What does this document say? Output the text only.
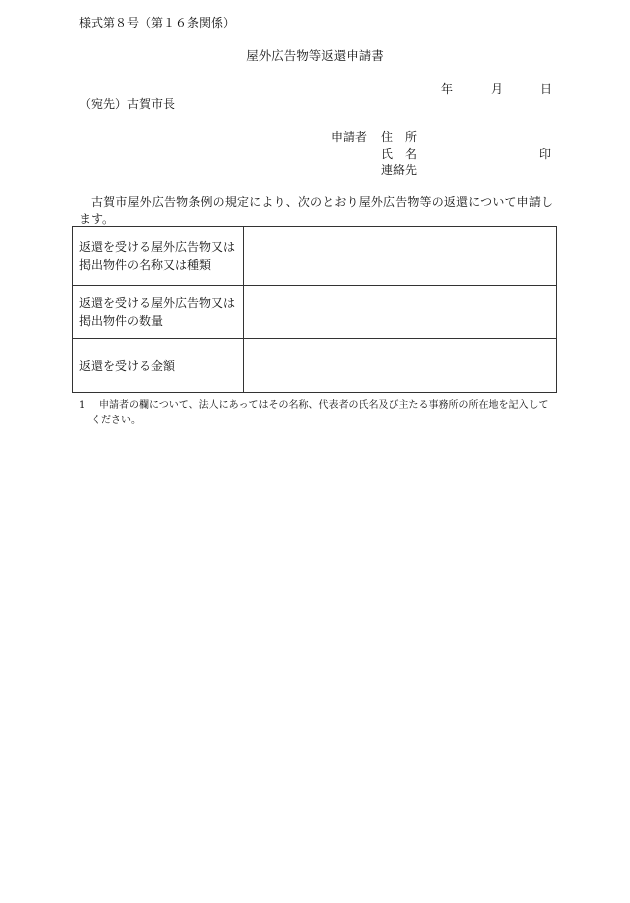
様式第８号（第１６条関係）
屋外広告物等返還申請書
年	月	日
（宛先）古賀市長
申請者 住　所
氏　名	印
連絡先
古賀市屋外広告物条例の規定により、次のとおり屋外広告物等の返還について申請します。
返還を受ける屋外広告物又は掲出物件の名称又は種類	
返還を受ける屋外広告物又は掲出物件の数量	
返還を受ける金額	
1	申請者の欄について、法人にあってはその名称、代表者の氏名及び主たる事務所の所在地を記入してください。
